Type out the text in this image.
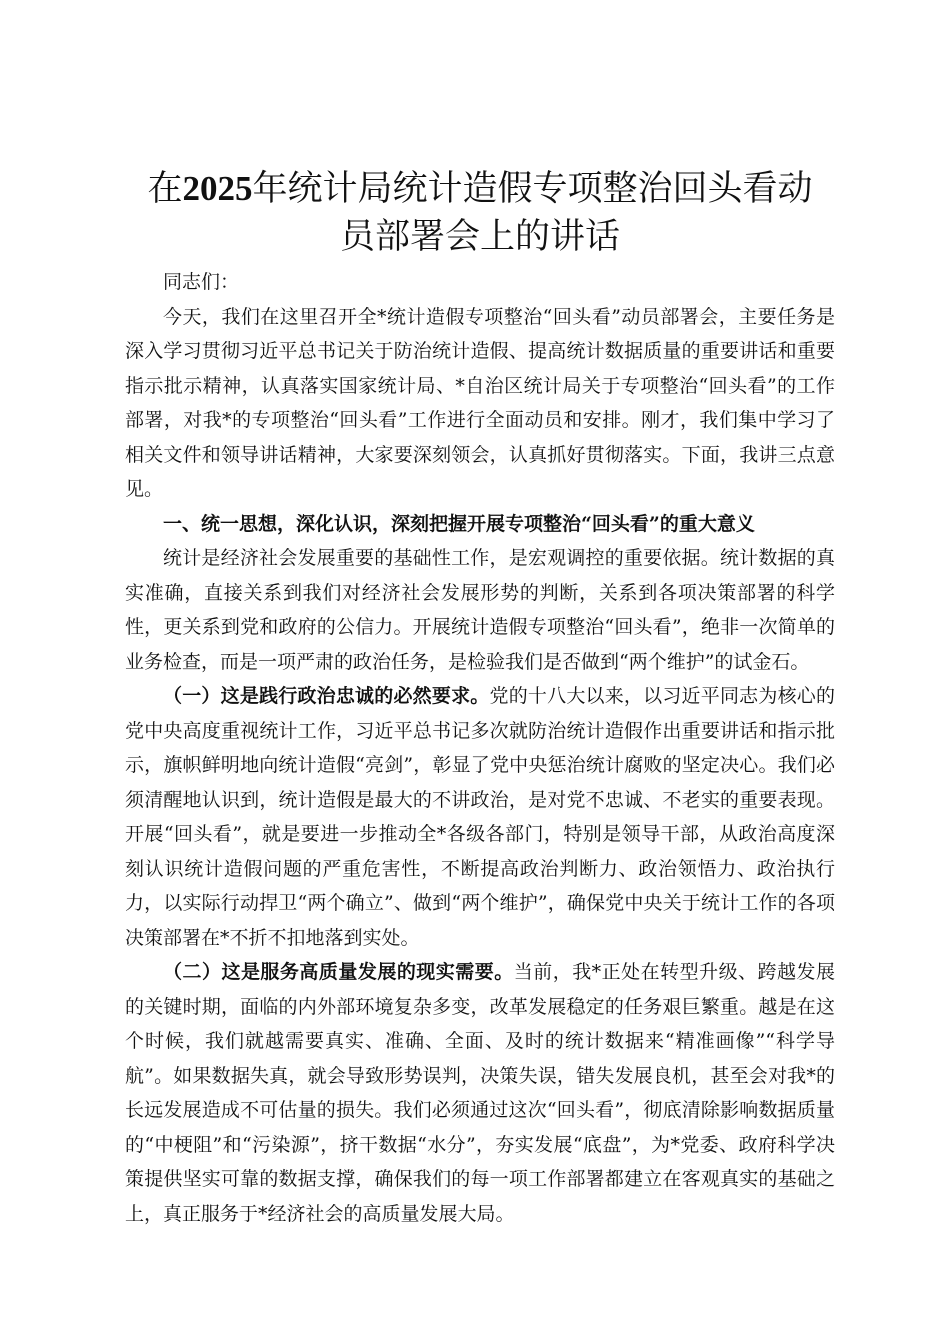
在2025年统计局统计造假专项整治回头看动
员部署会上的讲话

同志们：

今天，我们在这里召开全*统计造假专项整治“回头看”动员部署会，主要任务是深入学习贯彻习近平总书记关于防治统计造假、提高统计数据质量的重要讲话和重要指示批示精神，认真落实国家统计局、*自治区统计局关于专项整治“回头看”的工作部署，对我*的专项整治“回头看”工作进行全面动员和安排。刚才，我们集中学习了相关文件和领导讲话精神，大家要深刻领会，认真抓好贯彻落实。下面，我讲三点意见。

一、统一思想，深化认识，深刻把握开展专项整治“回头看”的重大意义

统计是经济社会发展重要的基础性工作，是宏观调控的重要依据。统计数据的真实准确，直接关系到我们对经济社会发展形势的判断，关系到各项决策部署的科学性，更关系到党和政府的公信力。开展统计造假专项整治“回头看”，绝非一次简单的业务检查，而是一项严肃的政治任务，是检验我们是否做到“两个维护”的试金石。

（一）这是践行政治忠诚的必然要求。党的十八大以来，以习近平同志为核心的党中央高度重视统计工作，习近平总书记多次就防治统计造假作出重要讲话和指示批示，旗帜鲜明地向统计造假“亮剑”，彰显了党中央惩治统计腐败的坚定决心。我们必须清醒地认识到，统计造假是最大的不讲政治，是对党不忠诚、不老实的重要表现。开展“回头看”，就是要进一步推动全*各级各部门，特别是领导干部，从政治高度深刻认识统计造假问题的严重危害性，不断提高政治判断力、政治领悟力、政治执行力，以实际行动捍卫“两个确立”、做到“两个维护”，确保党中央关于统计工作的各项决策部署在*不折不扣地落到实处。

（二）这是服务高质量发展的现实需要。当前，我*正处在转型升级、跨越发展的关键时期，面临的内外部环境复杂多变，改革发展稳定的任务艰巨繁重。越是在这个时候，我们就越需要真实、准确、全面、及时的统计数据来“精准画像”“科学导航”。如果数据失真，就会导致形势误判，决策失误，错失发展良机，甚至会对我*的长远发展造成不可估量的损失。我们必须通过这次“回头看”，彻底清除影响数据质量的“中梗阻”和“污染源”，挤干数据“水分”，夯实发展“底盘”，为*党委、政府科学决策提供坚实可靠的数据支撑，确保我们的每一项工作部署都建立在客观真实的基础之上，真正服务于*经济社会的高质量发展大局。
